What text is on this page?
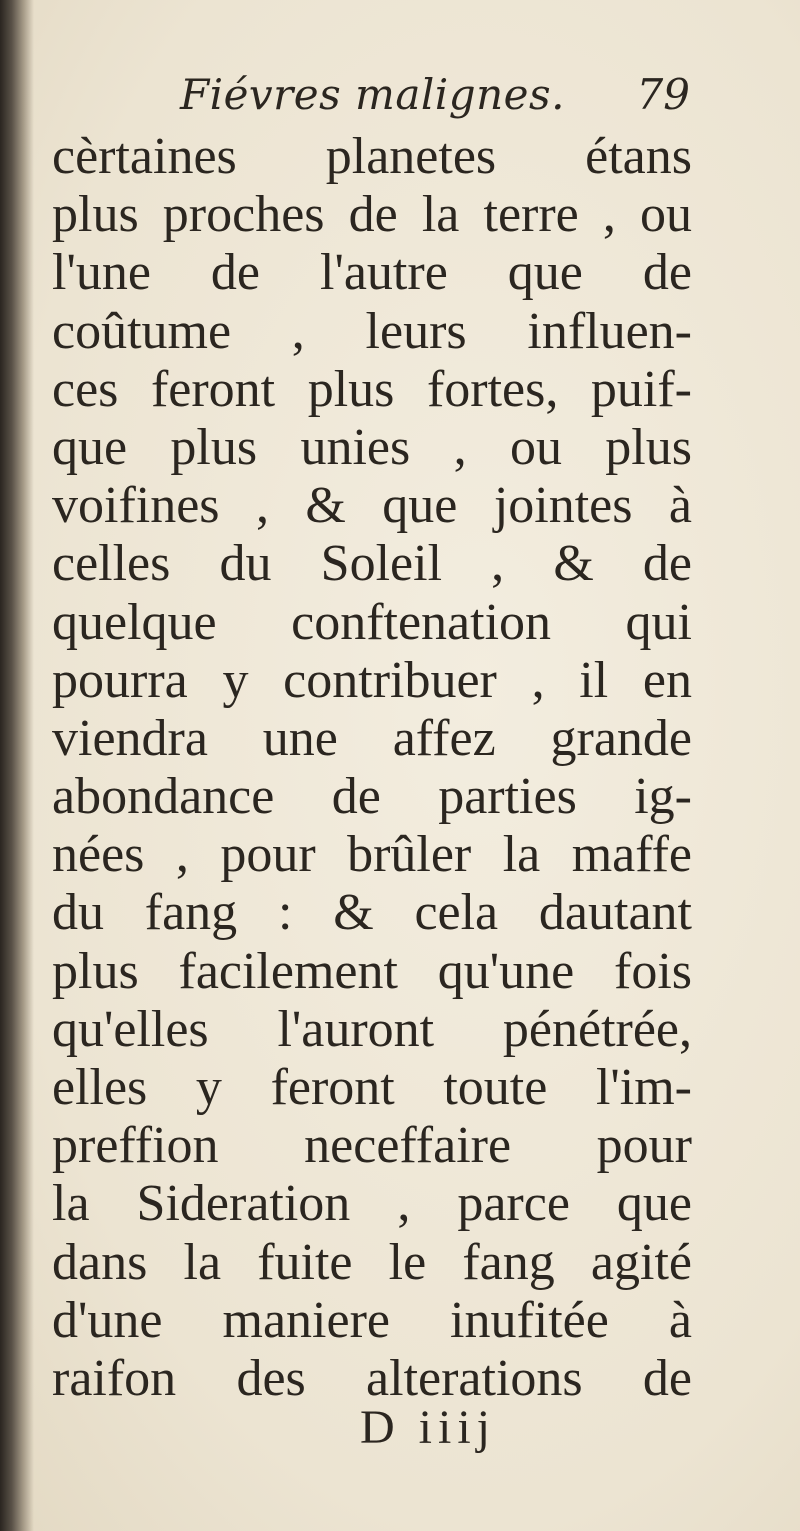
Fiévres malignes. 79
cèrtaines planetes étans
plus proches de la terre , ou
l'une de l'autre que de
coûtume , leurs influen-
ces feront plus fortes, puif-
que plus unies , ou plus
voifines , & que jointes à
celles du Soleil , & de
quelque conftenation qui
pourra y contribuer , il en
viendra une affez grande
abondance de parties ig-
nées , pour brûler la maffe
du fang : & cela dautant
plus facilement qu'une fois
qu'elles l'auront pénétrée,
elles y feront toute l'im-
preffion neceffaire pour
la Sideration , parce que
dans la fuite le fang agité
d'une maniere inufitée à
raifon des alterations de
D iiij
